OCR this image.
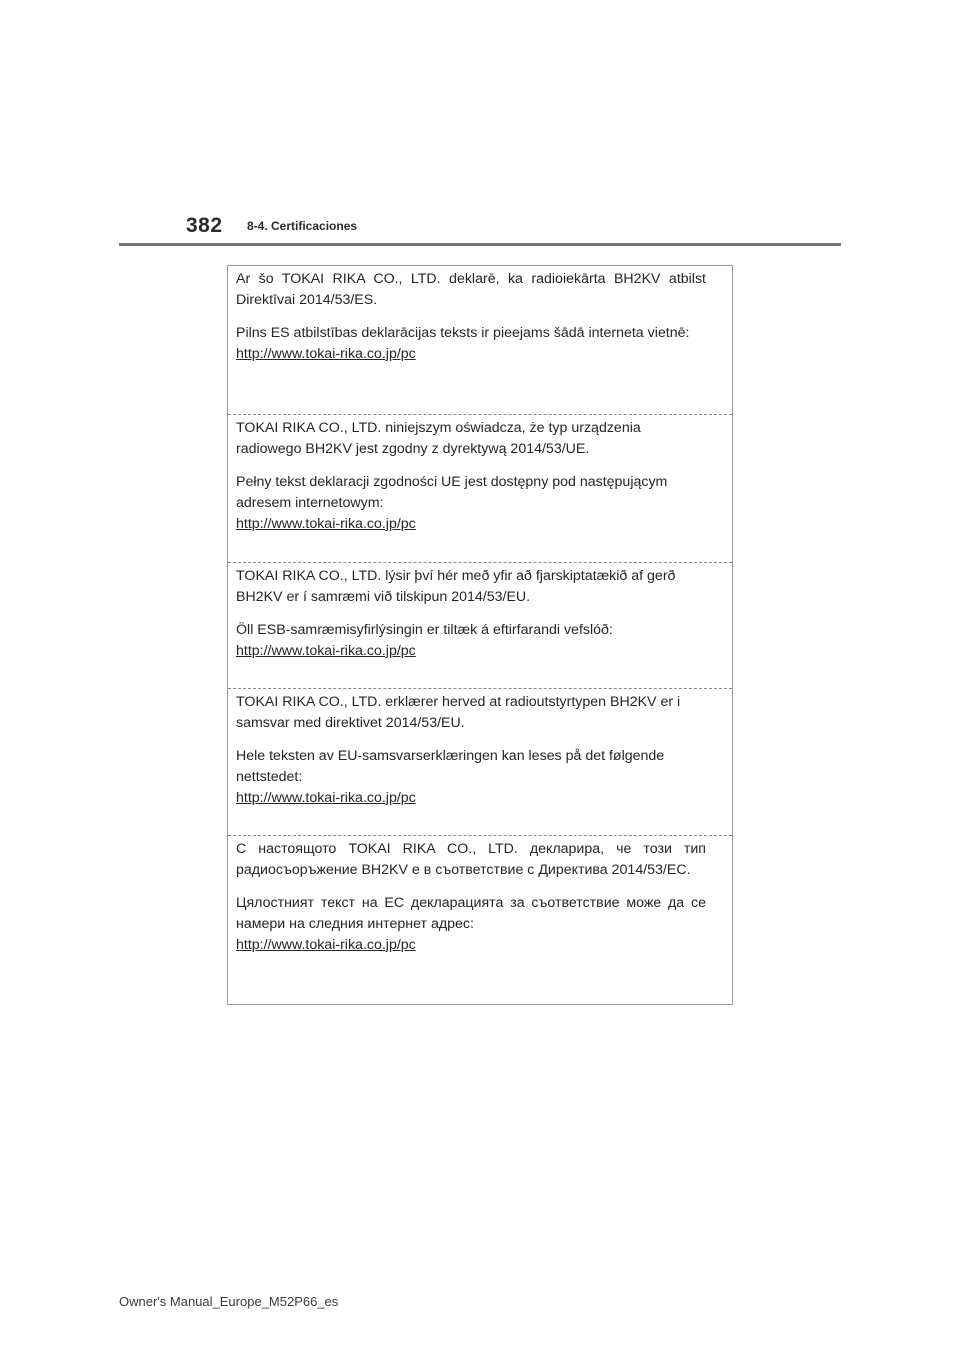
382 8-4. Certificaciones

Ar šo TOKAI RIKA CO., LTD. deklarē, ka radioiekārta BH2KV atbilst Direktīvai 2014/53/ES.

Pilns ES atbilstības deklarācijas teksts ir pieejams šādā interneta vietnē:

http://www.tokai-rika.co.jp/pc

TOKAI RIKA CO., LTD. niniejszym oświadcza, że typ urządzenia radiowego BH2KV jest zgodny z dyrektywą 2014/53/UE.

Pełny tekst deklaracji zgodności UE jest dostępny pod następującym adresem internetowym:

http://www.tokai-rika.co.jp/pc

TOKAI RIKA CO., LTD. lýsir því hér með yfir að fjarskiptatækið af gerð BH2KV er í samræmi við tilskipun 2014/53/EU.

Öll ESB-samræmisyfirlýsingin er tiltæk á eftirfarandi vefslóð:

http://www.tokai-rika.co.jp/pc

TOKAI RIKA CO., LTD. erklærer herved at radioutstyrtypen BH2KV er i samsvar med direktivet 2014/53/EU.

Hele teksten av EU-samsvarserklæringen kan leses på det følgende nettstedet:

http://www.tokai-rika.co.jp/pc

С настоящото TOKAI RIKA CO., LTD. декларира, че този тип радиосъоръжение BH2KV е в съответствие с Директива 2014/53/ЕС.

Цялостният текст на ЕС декларацията за съответствие може да се намери на следния интернет адрес:

http://www.tokai-rika.co.jp/pc
Owner's Manual_Europe_M52P66_es
